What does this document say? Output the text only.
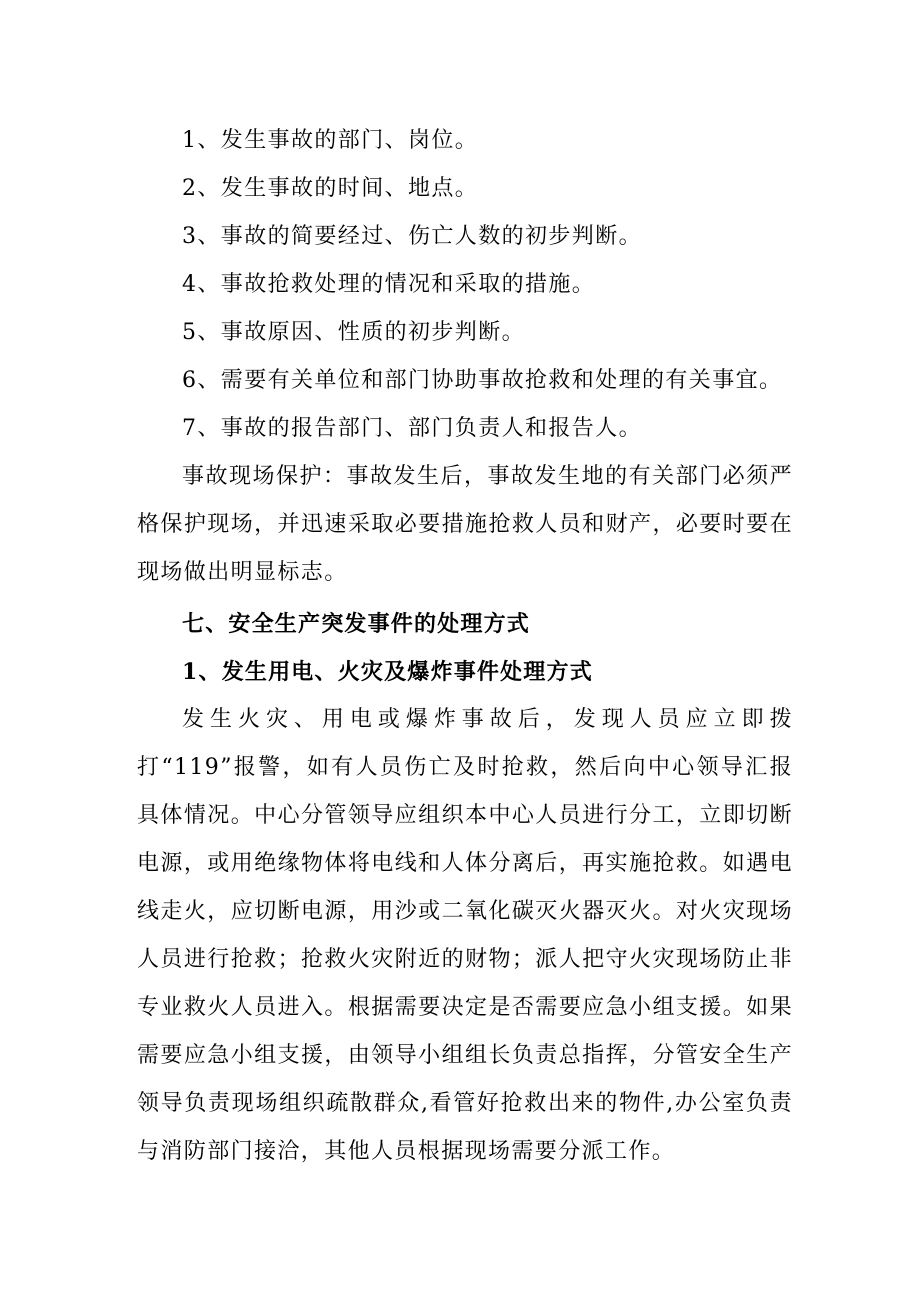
1、发生事故的部门、岗位。
2、发生事故的时间、地点。
3、事故的简要经过、伤亡人数的初步判断。
4、事故抢救处理的情况和采取的措施。
5、事故原因、性质的初步判断。
6、需要有关单位和部门协助事故抢救和处理的有关事宜。
7、事故的报告部门、部门负责人和报告人。

事故现场保护：事故发生后，事故发生地的有关部门必须严格保护现场，并迅速采取必要措施抢救人员和财产，必要时要在现场做出明显标志。

七、安全生产突发事件的处理方式
1、发生用电、火灾及爆炸事件处理方式

发生火灾、用电或爆炸事故后，发现人员应立即拨打“119”报警，如有人员伤亡及时抢救，然后向中心领导汇报具体情况。中心分管领导应组织本中心人员进行分工，立即切断电源，或用绝缘物体将电线和人体分离后，再实施抢救。如遇电线走火，应切断电源，用沙或二氧化碳灭火器灭火。对火灾现场人员进行抢救；抢救火灾附近的财物；派人把守火灾现场防止非专业救火人员进入。根据需要决定是否需要应急小组支援。如果需要应急小组支援，由领导小组组长负责总指挥，分管安全生产领导负责现场组织疏散群众,看管好抢救出来的物件,办公室负责与消防部门接洽，其他人员根据现场需要分派工作。
